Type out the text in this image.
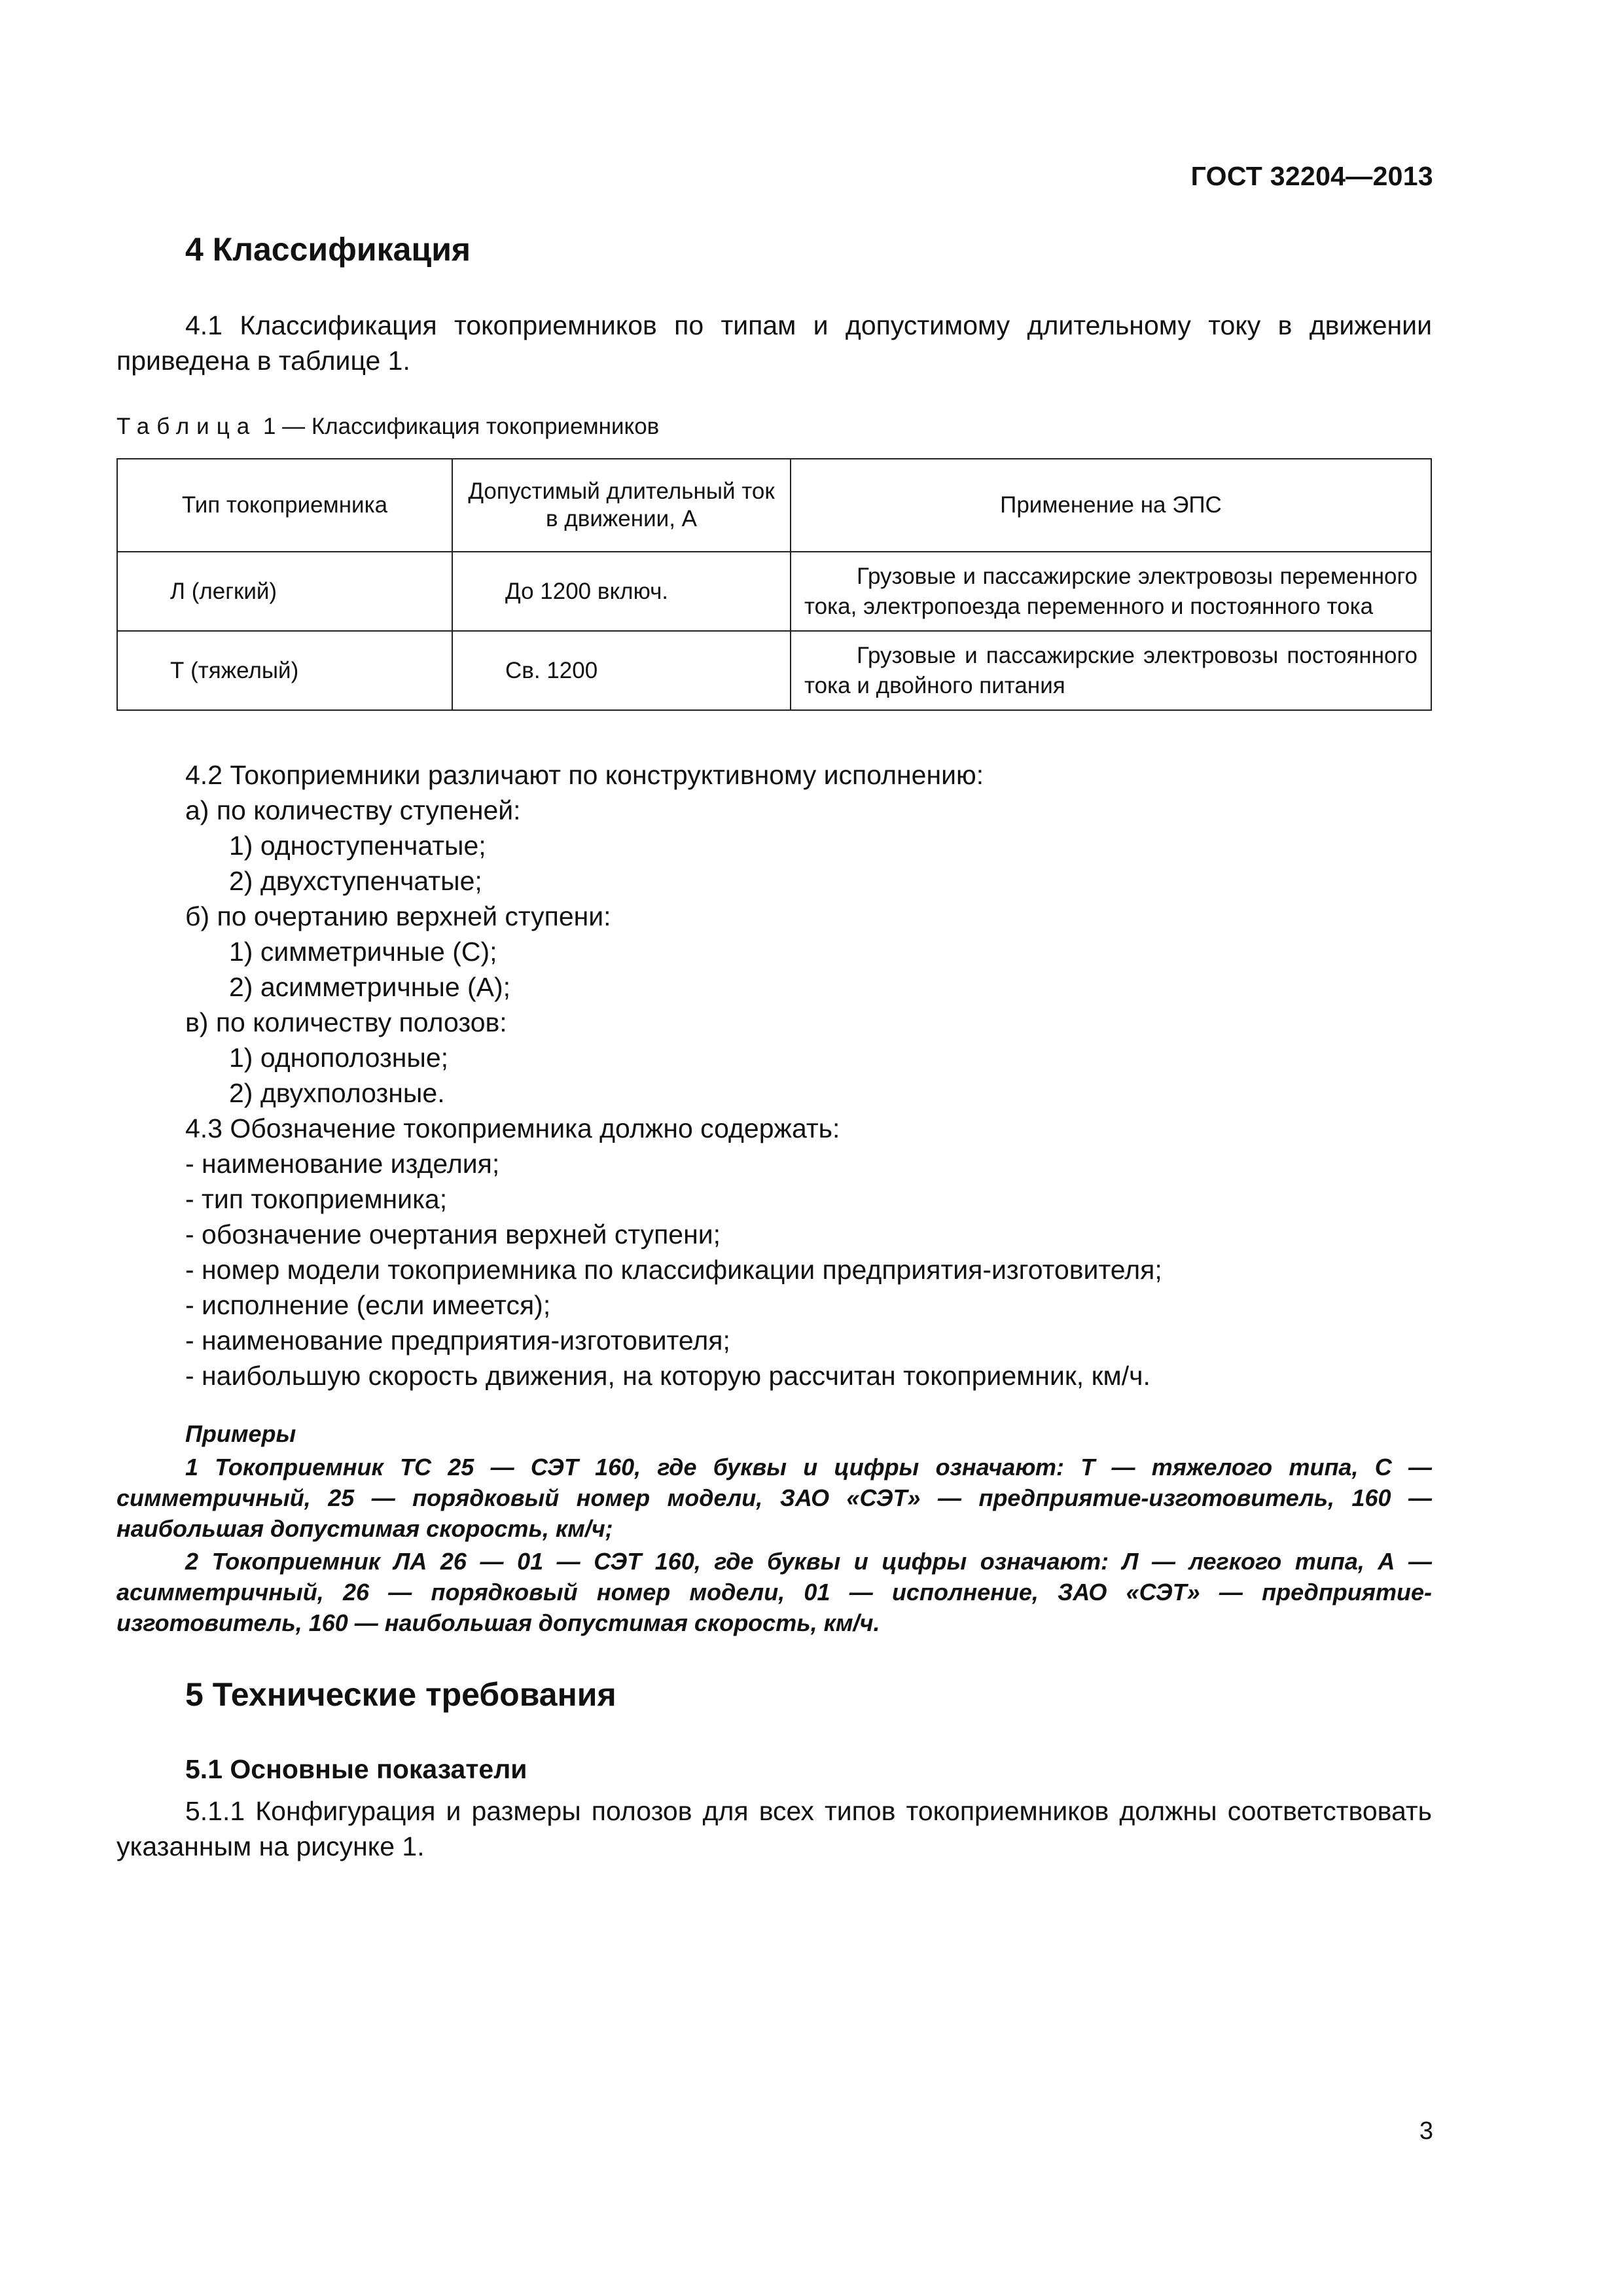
ГОСТ 32204—2013
4 Классификация
4.1 Классификация токоприемников по типам и допустимому длительному току в движении приведена в таблице 1.
Таблица 1 — Классификация токоприемников
Тип токоприемника	Допустимый длительный ток в движении, А	Применение на ЭПС
Л (легкий)	До 1200 включ.	Грузовые и пассажирские электровозы переменного тока, электропоезда переменного и постоянного тока
Т (тяжелый)	Св. 1200	Грузовые и пассажирские электровозы постоянного тока и двойного питания
4.2 Токоприемники различают по конструктивному исполнению:
а) по количеству ступеней:
1) одноступенчатые;
2) двухступенчатые;
б) по очертанию верхней ступени:
1) симметричные (С);
2) асимметричные (А);
в) по количеству полозов:
1) однополозные;
2) двухполозные.
4.3 Обозначение токоприемника должно содержать:
- наименование изделия;
- тип токоприемника;
- обозначение очертания верхней ступени;
- номер модели токоприемника по классификации предприятия-изготовителя;
- исполнение (если имеется);
- наименование предприятия-изготовителя;
- наибольшую скорость движения, на которую рассчитан токоприемник, км/ч.
Примеры
1 Токоприемник ТС 25 — СЭТ 160, где буквы и цифры означают: Т — тяжелого типа, С — симметричный, 25 — порядковый номер модели, ЗАО «СЭТ» — предприятие-изготовитель, 160 — наибольшая допустимая скорость, км/ч;
2 Токоприемник ЛА 26 — 01 — СЭТ 160, где буквы и цифры означают: Л — легкого типа, А — асимметричный, 26 — порядковый номер модели, 01 — исполнение, ЗАО «СЭТ» — предприятие-изготовитель, 160 — наибольшая допустимая скорость, км/ч.
5 Технические требования
5.1 Основные показатели
5.1.1 Конфигурация и размеры полозов для всех типов токоприемников должны соответствовать указанным на рисунке 1.
3
